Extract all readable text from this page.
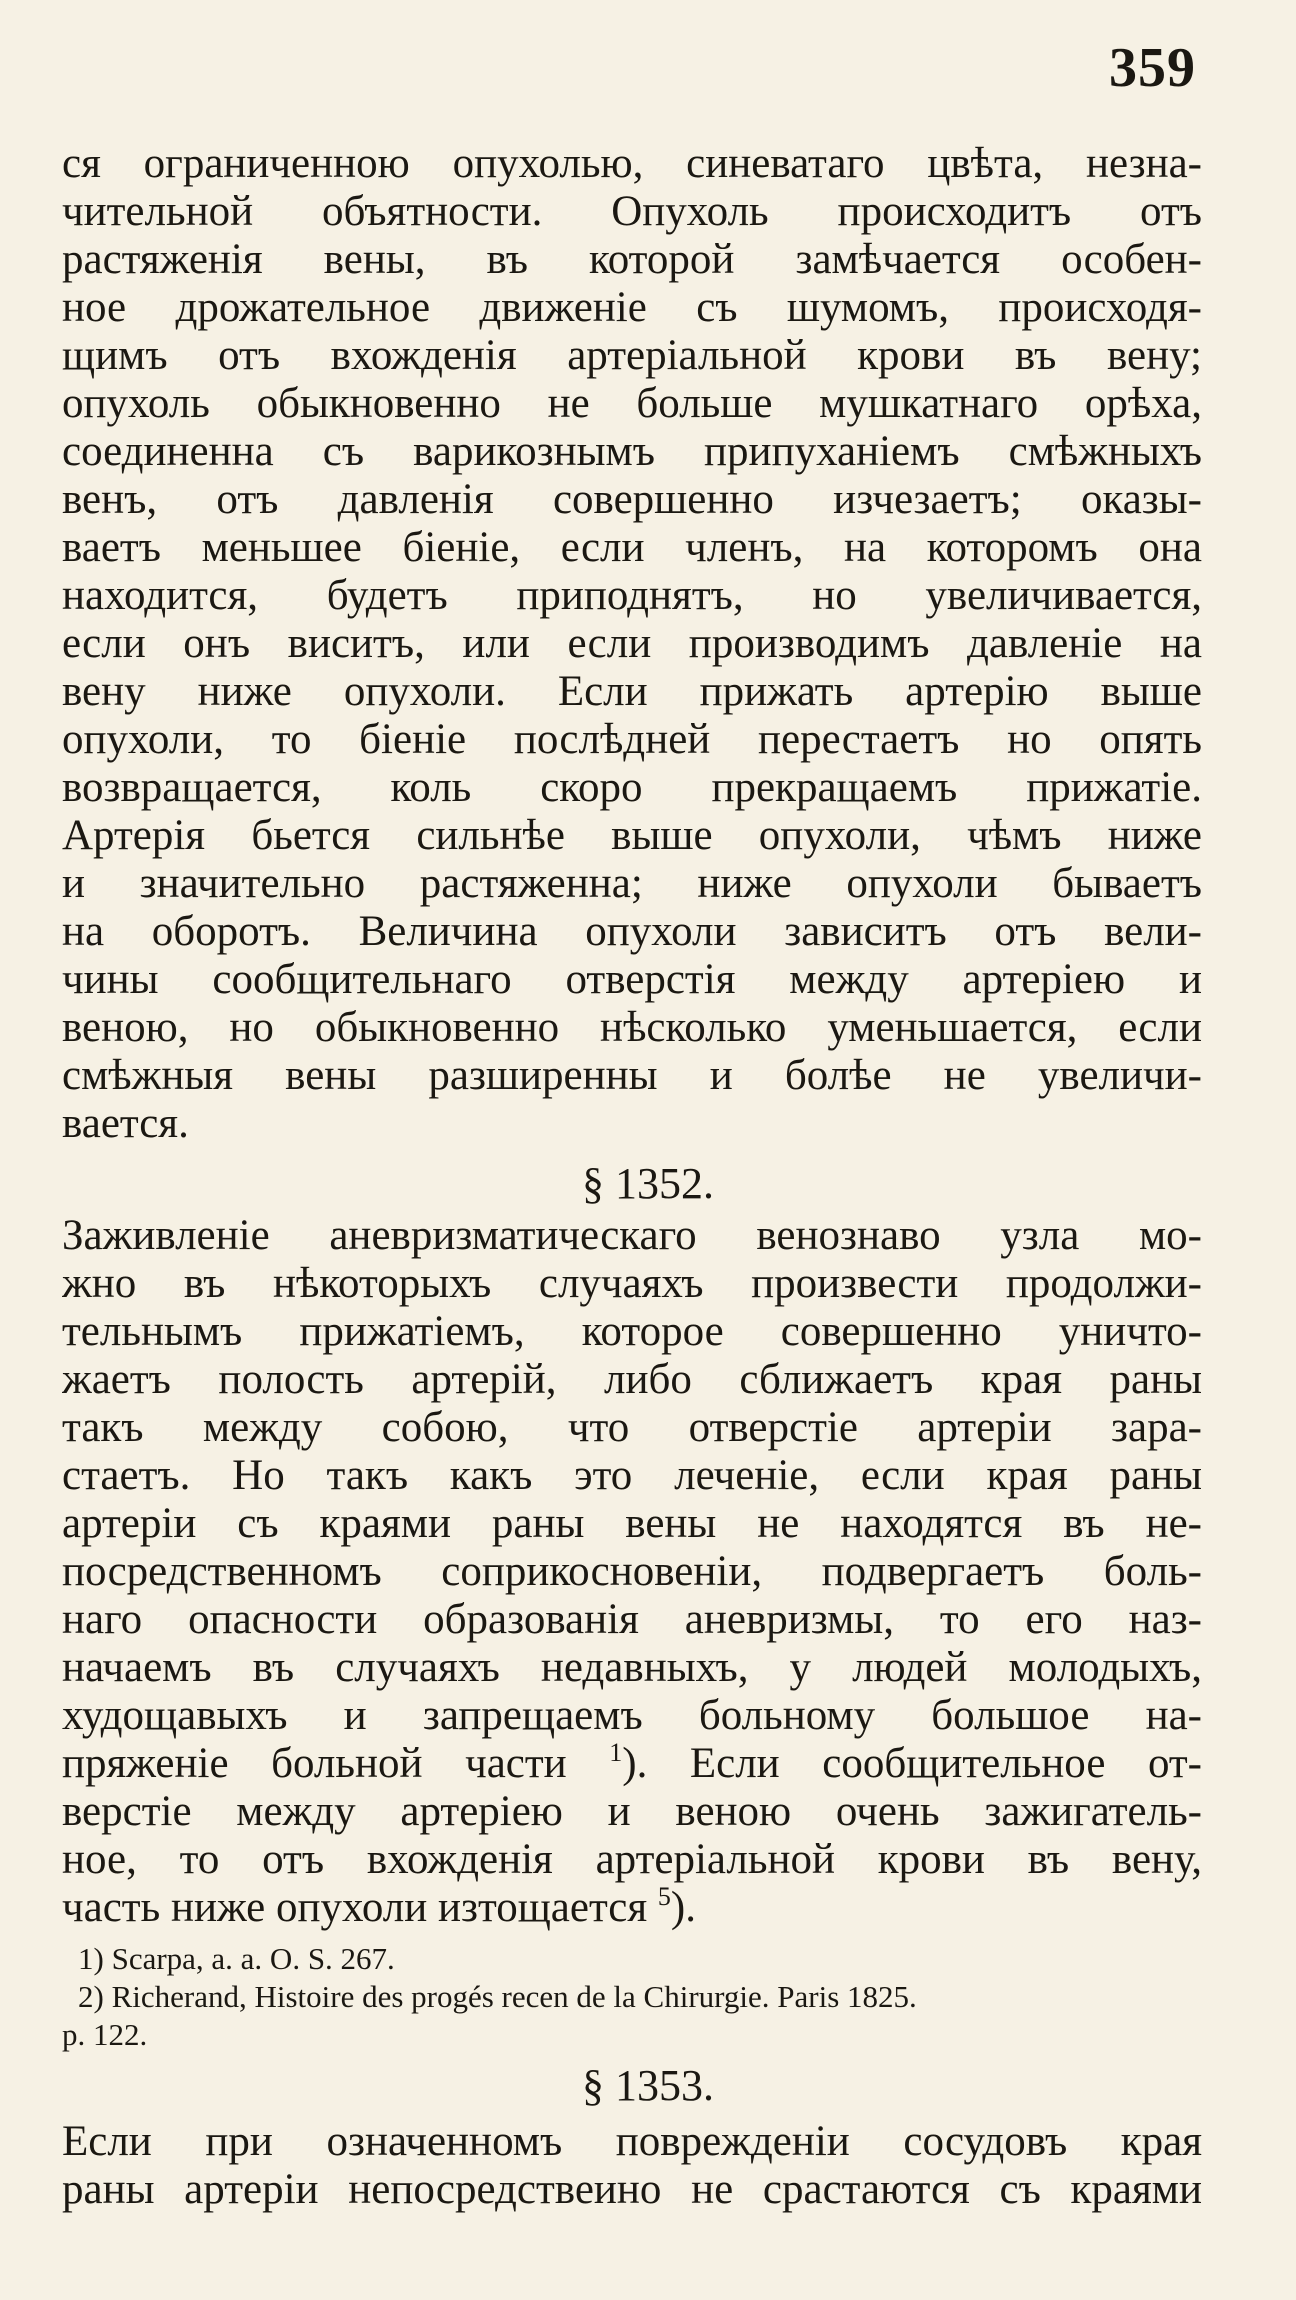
359
ся ограниченною опухолью, синеватаго цвѣта, незна-
чительной объятности. Опухоль происходитъ отъ
растяженія вены, въ которой замѣчается особен-
ное дрожательное движеніе съ шумомъ, происходя-
щимъ отъ вхожденія артеріальной крови въ вену;
опухоль обыкновенно не больше мушкатнаго орѣха,
соединенна съ варикознымъ припуханіемъ смѣжныхъ
венъ, отъ давленія совершенно изчезаетъ; оказы-
ваетъ меньшее біеніе, если членъ, на которомъ она
находится, будетъ приподнятъ, но увеличивается,
если онъ виситъ, или если производимъ давленіе на
вену ниже опухоли. Если прижать артерію выше
опухоли, то біеніе послѣдней перестаетъ но опять
возвращается, коль скоро прекращаемъ прижатіе.
Артерія бьется сильнѣе выше опухоли, чѣмъ ниже
и значительно растяженна; ниже опухоли бываетъ
на оборотъ. Величина опухоли зависитъ отъ вели-
чины сообщительнаго отверстія между артеріею и
веною, но обыкновенно нѣсколько уменьшается, если
смѣжныя вены разширенны и болѣе не увеличи-
вается.
§ 1352.
Заживленіе аневризматическаго венознаво узла мо-
жно въ нѣкоторыхъ случаяхъ произвести продолжи-
тельнымъ прижатіемъ, которое совершенно уничто-
жаетъ полость артерій, либо сближаетъ края раны
такъ между собою, что отверстіе артеріи зара-
стаетъ. Но такъ какъ это леченіе, если края раны
артеріи съ краями раны вены не находятся въ не-
посредственномъ соприкосновеніи, подвергаетъ боль-
наго опасности образованія аневризмы, то его наз-
начаемъ въ случаяхъ недавныхъ, у людей молодыхъ,
худощавыхъ и запрещаемъ больному большое на-
пряженіе больной части $^1$). Если сообщительное от-
верстіе между артеріею и веною очень зажигатель-
ное, то отъ вхожденія артеріальной крови въ вену,
часть ниже опухоли изтощается $^5$).
1) Scarpa, a. a. O. S. 267.
2) Richerand, Histoire des progés recen de la Chirurgie. Paris 1825.
p. 122.
§ 1353.
Если при означенномъ поврежденіи сосудовъ края
раны артеріи непосредствеино не срастаются съ краями
